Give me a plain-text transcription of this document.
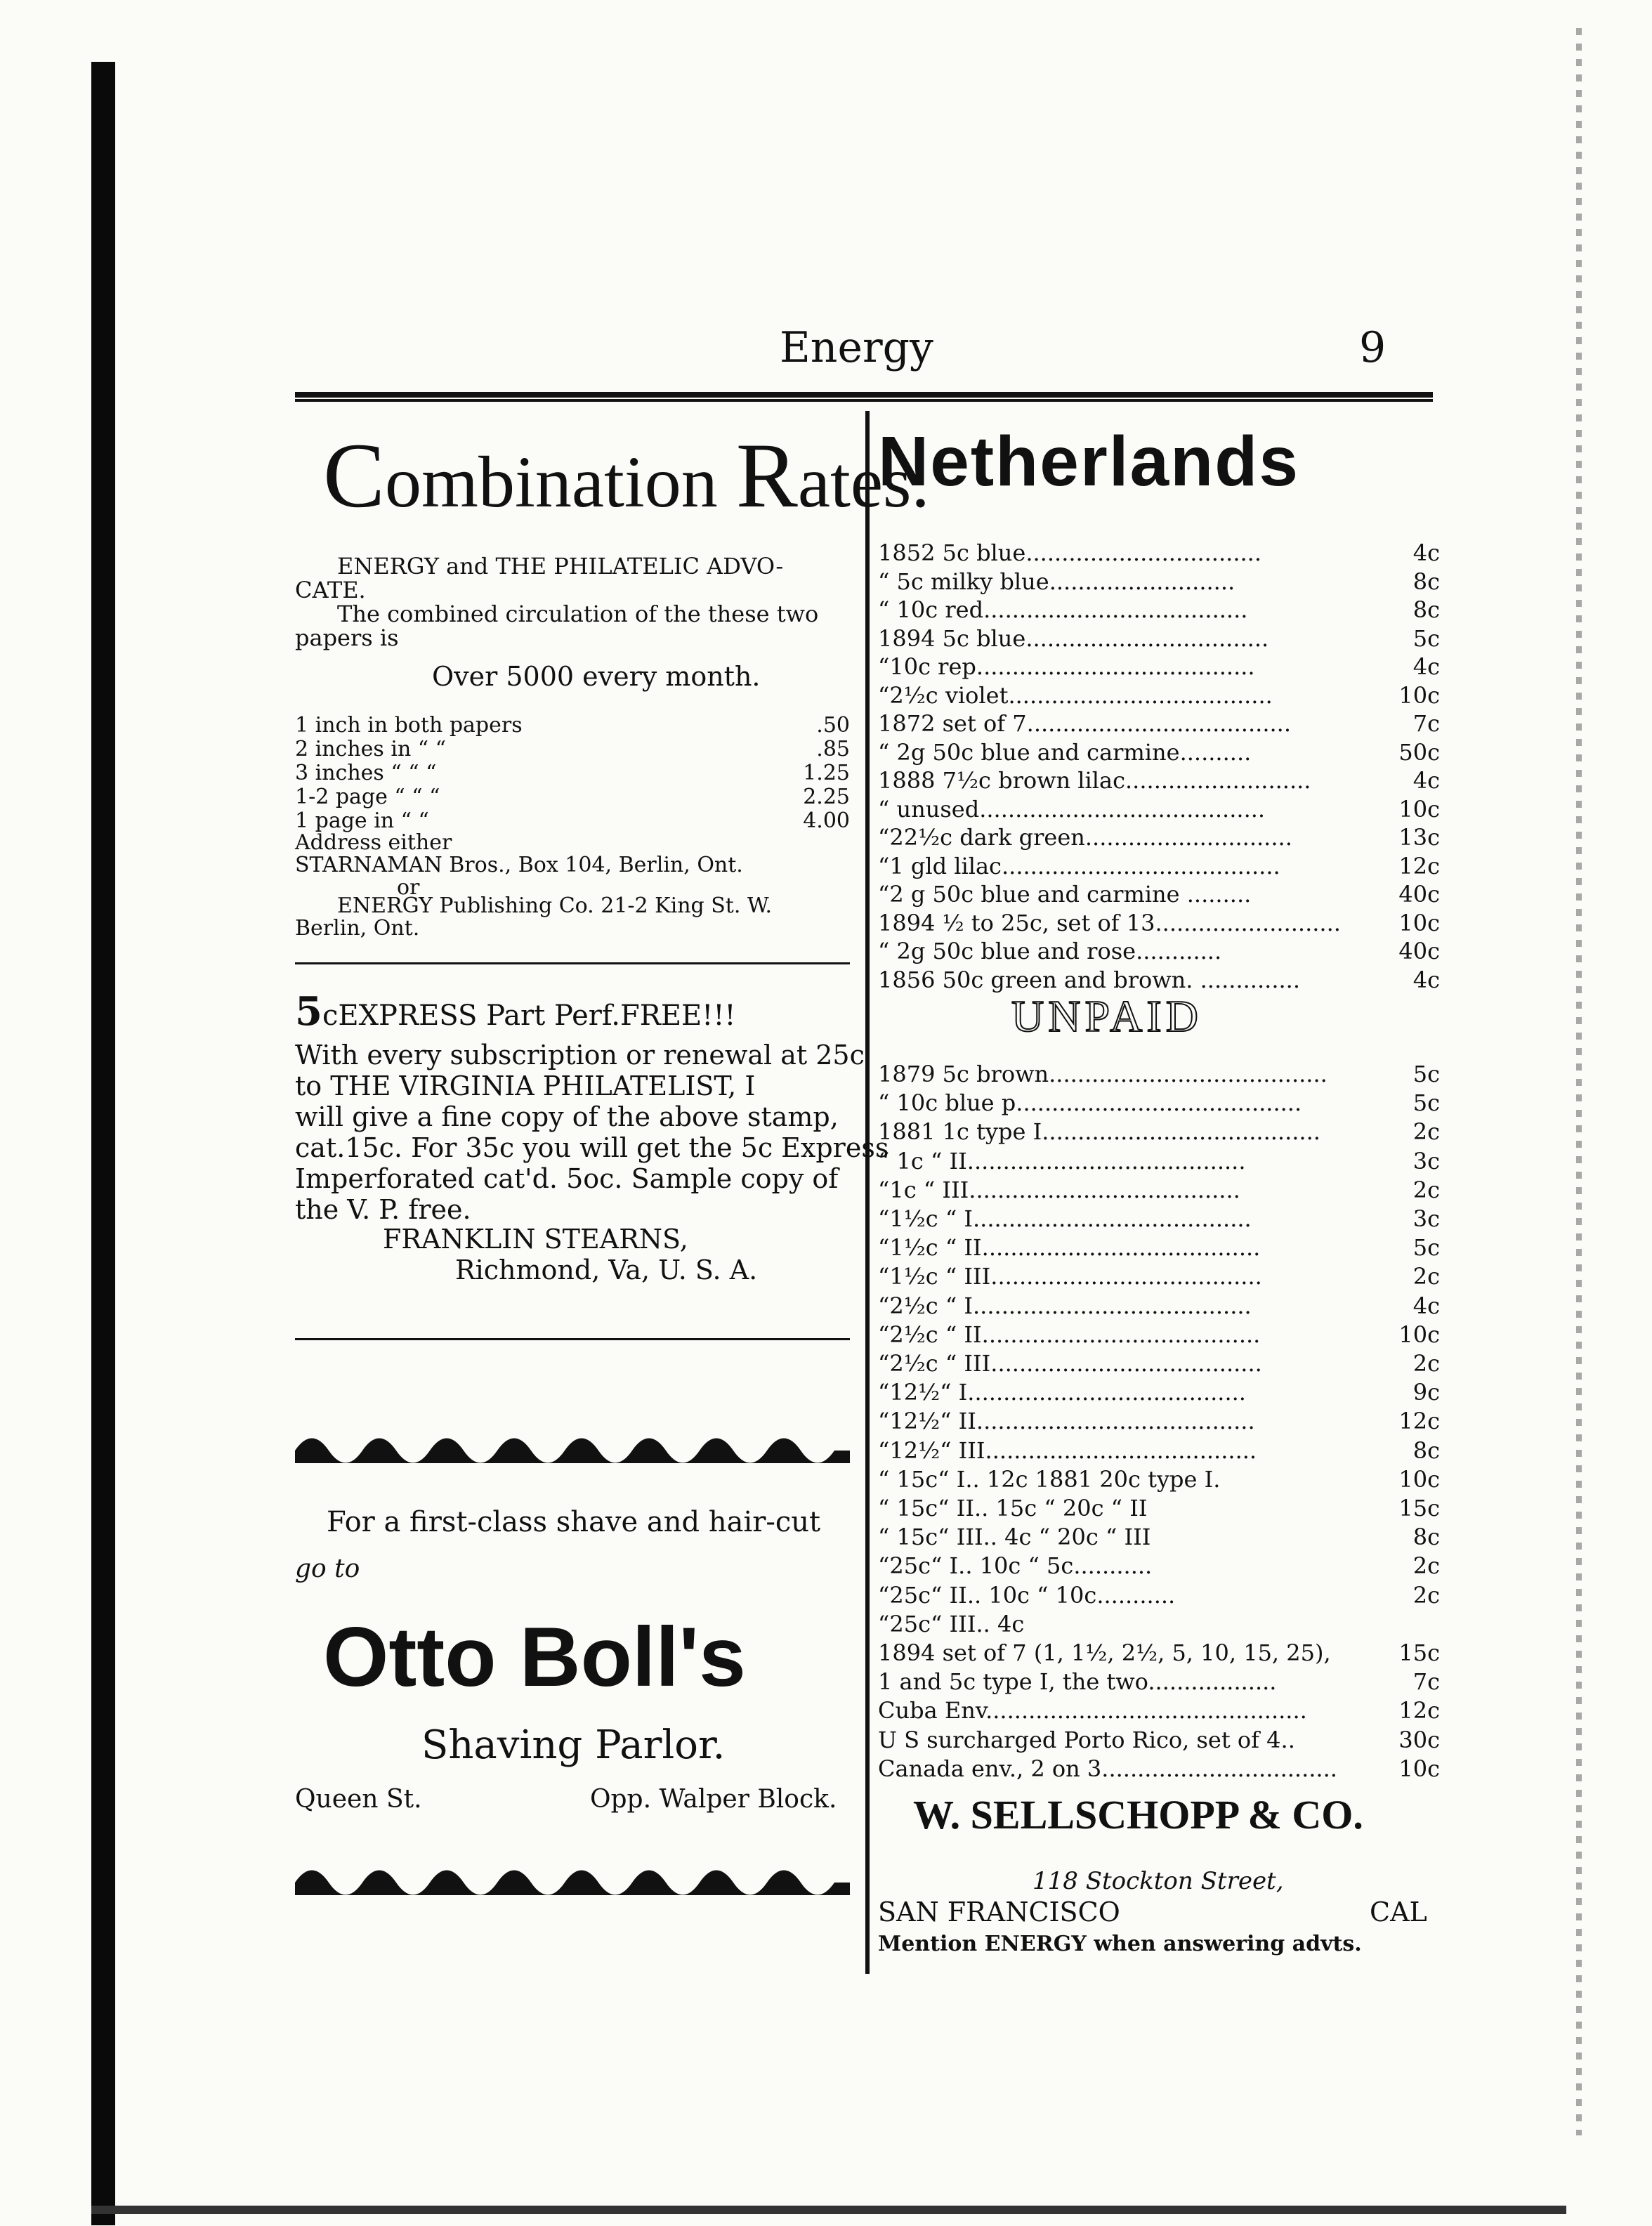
Energy	9
Combination Rates.
ENERGY and THE PHILATELIC ADVO-
CATE.
The combined circulation of the these two
papers is
Over 5000 every month.
1 inch in both papers	.50
2 inches in “ “	.85
3 inches “ “ “	1.25
1-2 page “ “ “	2.25
1 page in “ “	4.00
Address either
STARNAMAN Bros., Box 104, Berlin, Ont.
or
ENERGY Publishing Co. 21-2 King St. W.
Berlin, Ont.
5cEXPRESS Part Perf.FREE!!!
With every subscription or renewal at 25c
to THE VIRGINIA PHILATELIST, I
will give a fine copy of the above stamp,
cat.15c. For 35c you will get the 5c Express
Imperforated cat'd. 5oc. Sample copy of
the V. P. free.
FRANKLIN STEARNS,
Richmond, Va, U. S. A.
For a first-class shave and hair-cut
go to
Otto Boll's
Shaving Parlor.
Queen St.	Opp. Walper Block.
Netherlands
1852 5c blue.................................	4c
“ 5c milky blue..........................	8c
“ 10c red.....................................	8c
1894 5c blue..................................	5c
“10c rep.......................................	4c
“2½c violet.....................................	10c
1872 set of 7.....................................	7c
“ 2g 50c blue and carmine..........	50c
1888 7½c brown lilac..........................	4c
“ unused........................................	10c
“22½c dark green.............................	13c
“1 gld lilac.......................................	12c
“2 g 50c blue and carmine .........	40c
1894 ½ to 25c, set of 13..........................	10c
“ 2g 50c blue and rose............	40c
1856 50c green and brown. ..............	4c
UNPAID
1879 5c brown.......................................	5c
“ 10c blue p........................................	5c
1881 1c type I.......................................	2c
“ 1c “ II.......................................	3c
“1c “ III......................................	2c
“1½c “ I.......................................	3c
“1½c “ II.......................................	5c
“1½c “ III......................................	2c
“2½c “ I.......................................	4c
“2½c “ II.......................................	10c
“2½c “ III......................................	2c
“12½“ I.......................................	9c
“12½“ II.......................................	12c
“12½“ III......................................	8c
“ 15c“ I.. 12c 1881 20c type I.	10c
“ 15c“ II.. 15c “ 20c “ II	15c
“ 15c“ III.. 4c “ 20c “ III	8c
“25c“ I.. 10c “ 5c...........	2c
“25c“ II.. 10c “ 10c...........	2c
“25c“ III.. 4c
1894 set of 7 (1, 1½, 2½, 5, 10, 15, 25),	15c
1 and 5c type I, the two..................	7c
Cuba Env.............................................	12c
U S surcharged Porto Rico, set of 4..	30c
Canada env., 2 on 3.................................	10c
W. SELLSCHOPP & CO.
118 Stockton Street,
SAN FRANCISCO	CAL
Mention ENERGY when answering advts.
